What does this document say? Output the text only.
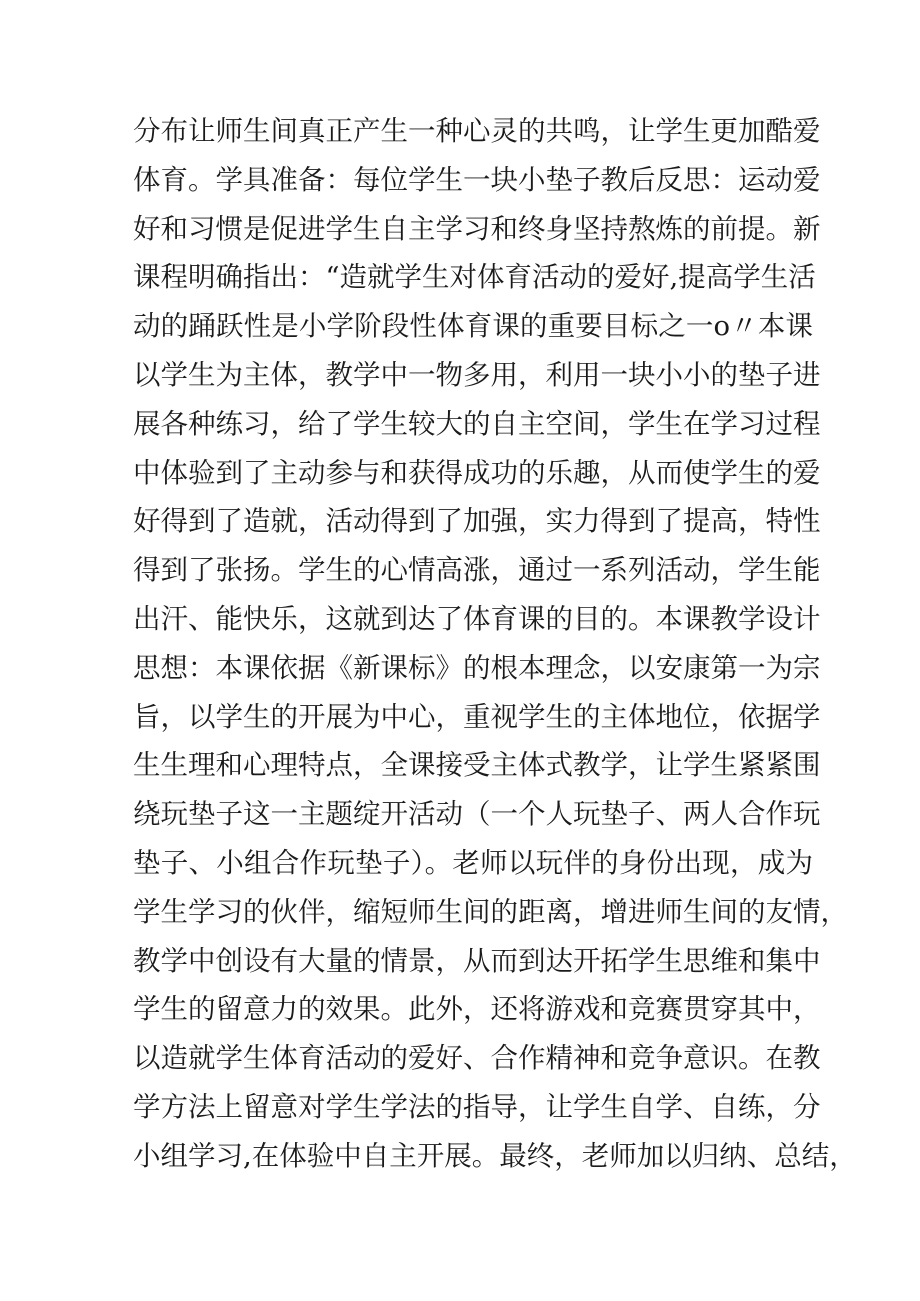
分布让师生间真正产生一种心灵的共鸣，让学生更加酷爱
体育。学具准备：每位学生一块小垫子教后反思：运动爱
好和习惯是促进学生自主学习和终身坚持熬炼的前提。新
课程明确指出：“造就学生对体育活动的爱好,提高学生活
动的踊跃性是小学阶段性体育课的重要目标之一o〃本课
以学生为主体，教学中一物多用，利用一块小小的垫子进
展各种练习，给了学生较大的自主空间，学生在学习过程
中体验到了主动参与和获得成功的乐趣，从而使学生的爱
好得到了造就，活动得到了加强，实力得到了提高，特性
得到了张扬。学生的心情高涨，通过一系列活动，学生能
出汗、能快乐，这就到达了体育课的目的。本课教学设计
思想：本课依据《新课标》的根本理念，以安康第一为宗
旨，以学生的开展为中心，重视学生的主体地位，依据学
生生理和心理特点，全课接受主体式教学，让学生紧紧围
绕玩垫子这一主题绽开活动（一个人玩垫子、两人合作玩
垫子、小组合作玩垫子）。老师以玩伴的身份出现，成为
学生学习的伙伴，缩短师生间的距离，增进师生间的友情，
教学中创设有大量的情景，从而到达开拓学生思维和集中
学生的留意力的效果。此外，还将游戏和竞赛贯穿其中，
以造就学生体育活动的爱好、合作精神和竞争意识。在教
学方法上留意对学生学法的指导，让学生自学、自练，分
小组学习,在体验中自主开展。最终，老师加以归纳、总结，
